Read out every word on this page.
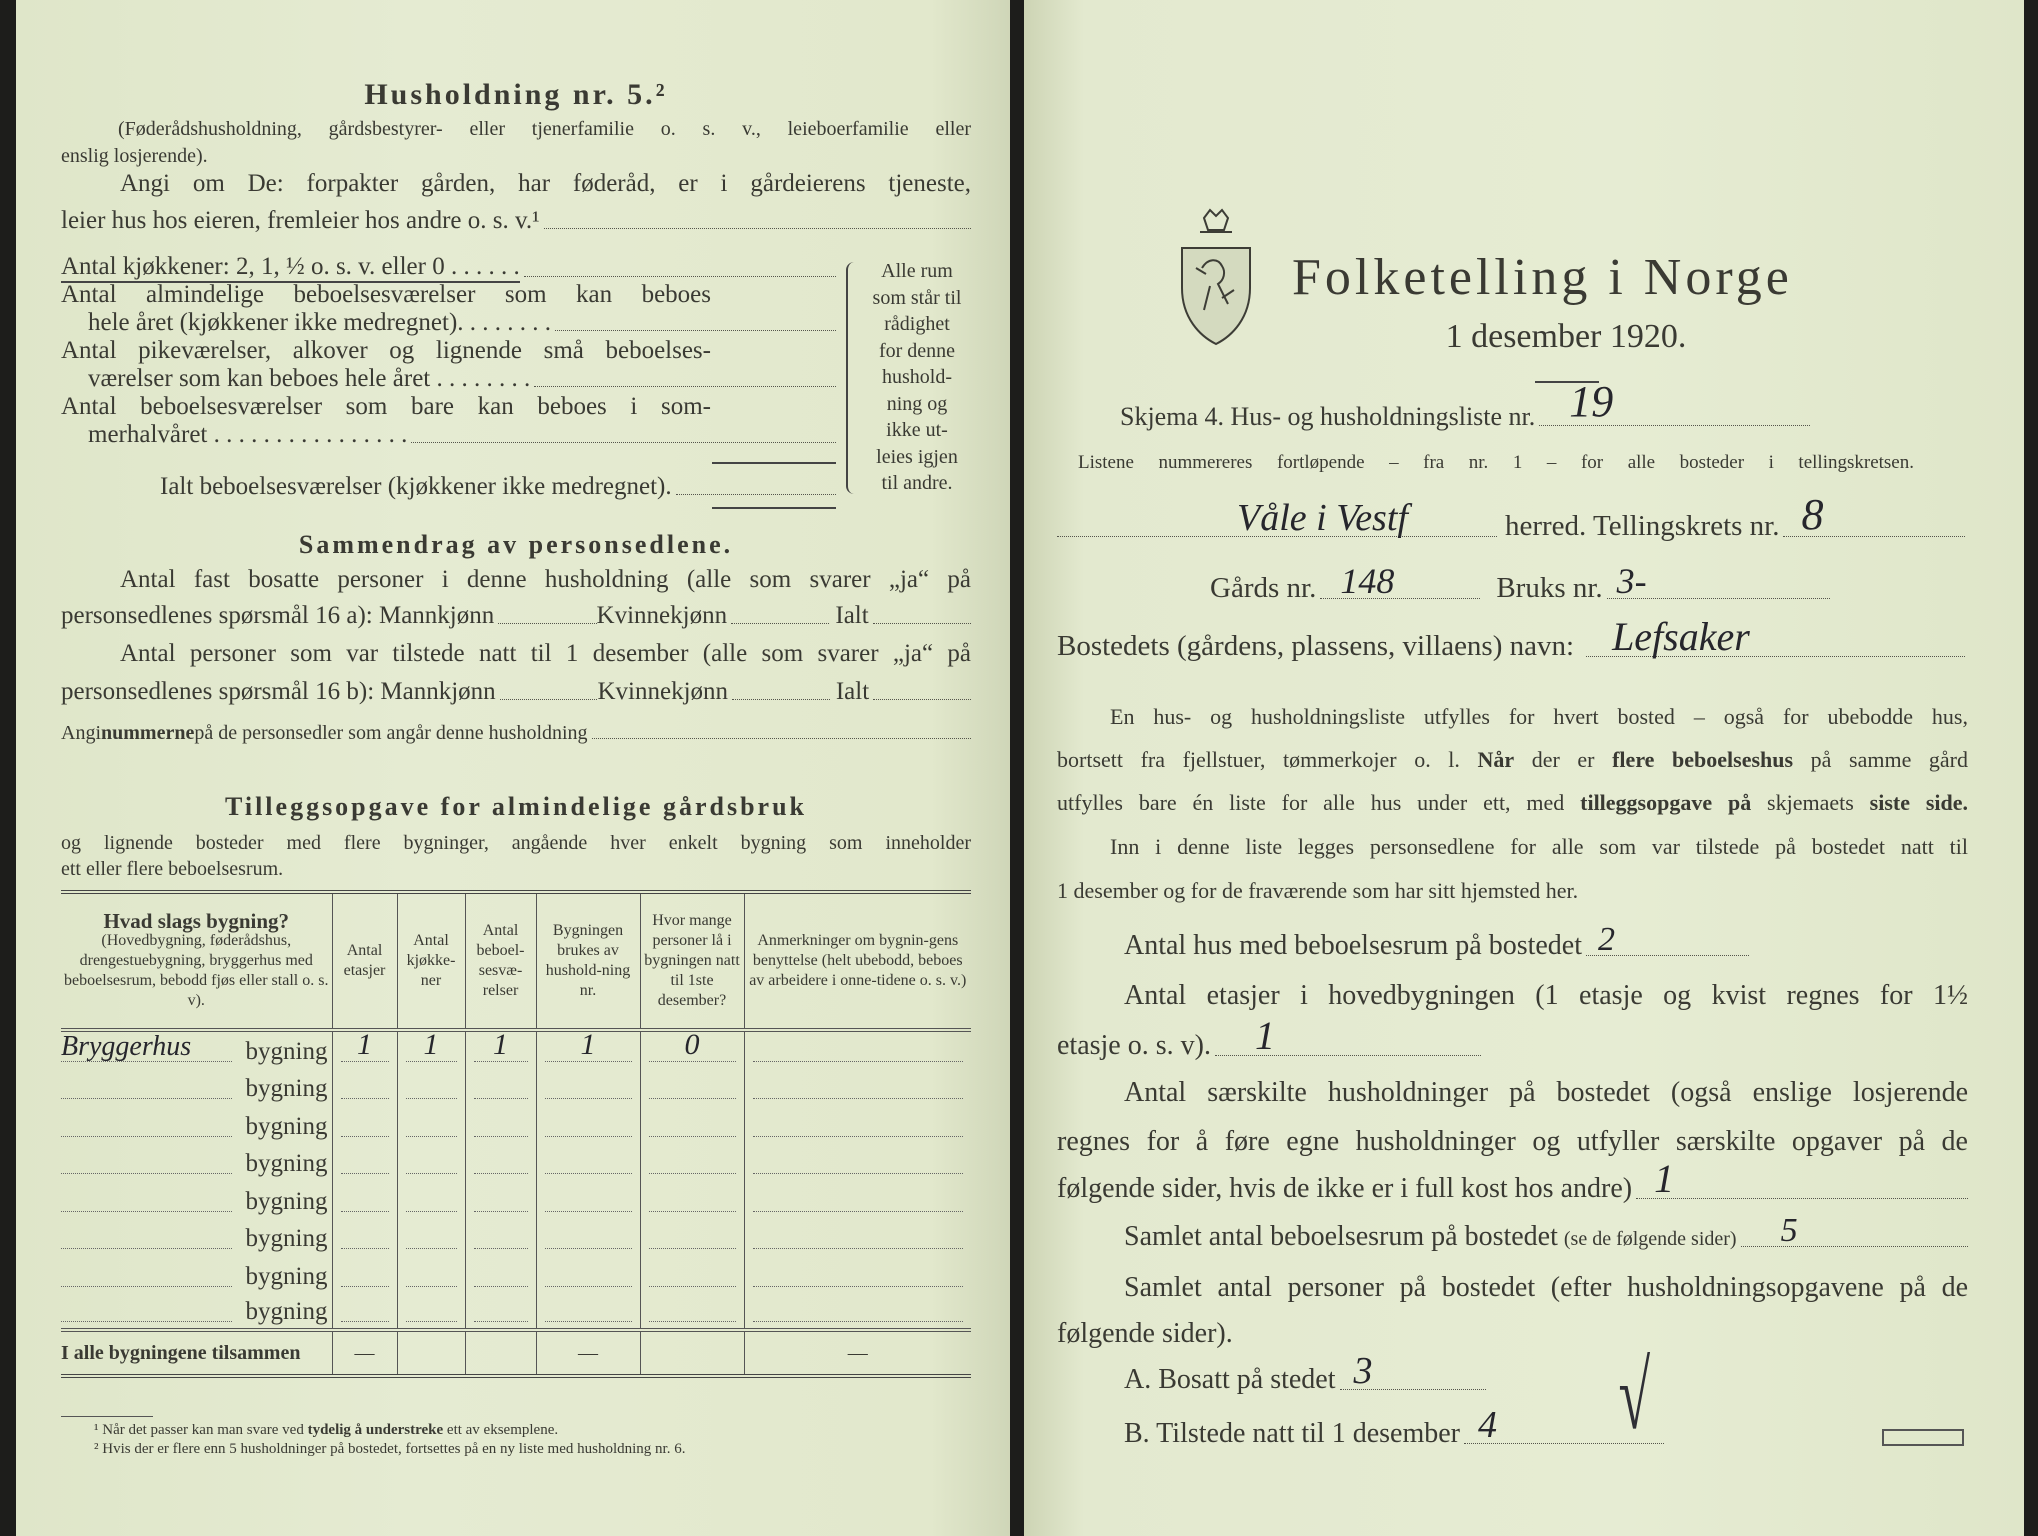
Husholdning nr. 5.²
(Føderådshusholdning, gårdsbestyrer- eller tjenerfamilie o. s. v., leieboerfamilie eller
enslig losjerende).
Angi om De: forpakter gården, har føderåd, er i gårdeierens tjeneste,
leier hus hos eieren, fremleier hos andre o. s. v.¹
Antal kjøkkener: 2, 1, ½ o. s. v. eller 0 . . . . . .
Antal almindelige beboelsesværelser som kan beboes
hele året (kjøkkener ikke medregnet). . . . . . . .
Antal pikeværelser, alkover og lignende små beboelses-
værelser som kan beboes hele året . . . . . . . .
Antal beboelsesværelser som bare kan beboes i som-
merhalvåret . . . . . . . . . . . . . . . .
Ialt beboelsesværelser (kjøkkener ikke medregnet).
Alle rum
som står til
rådighet
for denne
hushold-
ning og
ikke ut-
leies igjen
til andre.
Sammendrag av personsedlene.
Antal fast bosatte personer i denne husholdning (alle som svarer „ja“ på
personsedlenes spørsmål 16 a): Mannkjønn	Kvinnekjønn	Ialt
Antal personer som var tilstede natt til 1 desember (alle som svarer „ja“ på
personsedlenes spørsmål 16 b): Mannkjønn	Kvinnekjønn	Ialt
Angi nummerne på de personsedler som angår denne husholdning
Tilleggsopgave for almindelige gårdsbruk
og lignende bosteder med flere bygninger, angående hver enkelt bygning som inneholder
ett eller flere beboelsesrum.
Hvad slags bygning?
(Hovedbygning, føderådshus, drengestuebygning, bryggerhus med beboelsesrum, bebodd fjøs eller stall o. s. v).	Antal etasjer	Antal kjøkke-ner	Antal beboel-sesvæ-relser	Bygningen brukes av hushold-ning nr.	Hvor mange personer lå i bygningen natt til 1ste desember?	Anmerkninger om bygnin-gens benyttelse (helt ubebodd, beboes av arbeidere i onne-tidene o. s. v.)

Bryggerhus bygning	1	1	1	1	0	

bygning						

bygning						

bygning						

bygning						

bygning						

bygning						

bygning						

I alle bygningene tilsammen	—			—		—
¹ Når det passer kan man svare ved tydelig å understreke ett av eksemplene.
² Hvis der er flere enn 5 husholdninger på bostedet, fortsettes på en ny liste med husholdning nr. 6.
Folketelling i Norge
1 desember 1920.
Skjema 4. Hus- og husholdningsliste nr. 19
Listene nummereres fortløpende – fra nr. 1 – for alle bosteder i tellingskretsen.
Våle i Vestf	herred. Tellingskrets nr. 8
Gårds nr. 148	Bruks nr. 3-
Bostedets (gårdens, plassens, villaens) navn: Lefsaker
En hus- og husholdningsliste utfylles for hvert bosted – også for ubebodde hus,
bortsett fra fjellstuer, tømmerkojer o. l. Når der er flere beboelseshus på samme gård
utfylles bare én liste for alle hus under ett, med tilleggsopgave på skjemaets siste side.
Inn i denne liste legges personsedlene for alle som var tilstede på bostedet natt til
1 desember og for de fraværende som har sitt hjemsted her.
Antal hus med beboelsesrum på bostedet 2
Antal etasjer i hovedbygningen (1 etasje og kvist regnes for 1½
etasje o. s. v). 1
Antal særskilte husholdninger på bostedet (også enslige losjerende
regnes for å føre egne husholdninger og utfyller særskilte opgaver på de
følgende sider, hvis de ikke er i full kost hos andre) 1
Samlet antal beboelsesrum på bostedet (se de følgende sider) 5
Samlet antal personer på bostedet (efter husholdningsopgavene på de
følgende sider).
A. Bosatt på stedet 3
B. Tilstede natt til 1 desember 4 √
